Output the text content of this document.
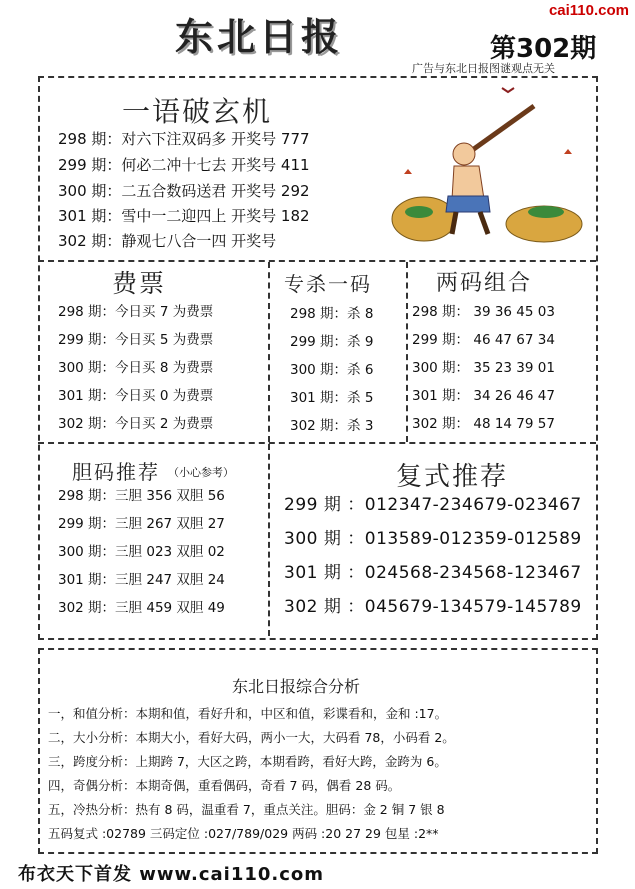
东北日报
cai110.com
第302期
广告与东北日报图谜观点无关
一语破玄机
298 期：对六下注双码多 开奖号 777
299 期：何必二冲十七去 开奖号 411
300 期：二五合数码送君 开奖号 292
301 期：雪中一二迎四上 开奖号 182
302 期：静观七八合一四 开奖号
费票
298 期：今日买 7 为费票
299 期：今日买 5 为费票
300 期：今日买 8 为费票
301 期：今日买 0 为费票
302 期：今日买 2 为费票
专杀一码
298 期：杀 8
299 期：杀 9
300 期：杀 6
301 期：杀 5
302 期：杀 3
两码组合
298 期： 39 36 45 03
299 期： 46 47 67 34
300 期： 35 23 39 01
301 期： 34 26 46 47
302 期： 48 14 79 57
胆码推荐 （小心参考）
298 期：三胆 356 双胆 56
299 期：三胆 267 双胆 27
300 期：三胆 023 双胆 02
301 期：三胆 247 双胆 24
302 期：三胆 459 双胆 49
复式推荐
299 期 ：012347-234679-023467
300 期 ：013589-012359-012589
301 期 ：024568-234568-123467
302 期 ：045679-134579-145789
东北日报综合分析
一，和值分析：本期和值，看好升和，中区和值，彩谍看和，金和 :17。
二，大小分析：本期大小，看好大码，两小一大，大码看 78，小码看 2。
三，跨度分析：上期跨 7，大区之跨，本期看跨，看好大跨，金跨为 6。
四，奇偶分析：本期奇偶，重看偶码，奇看 7 码，偶看 28 码。
五，冷热分析：热有 8 码，温重看 7，重点关注。胆码：金 2 铜 7 银 8
五码复式 :02789 三码定位 :027/789/029 两码 :20 27 29 包星 :2**
布衣天下首发 www.cai110.com
